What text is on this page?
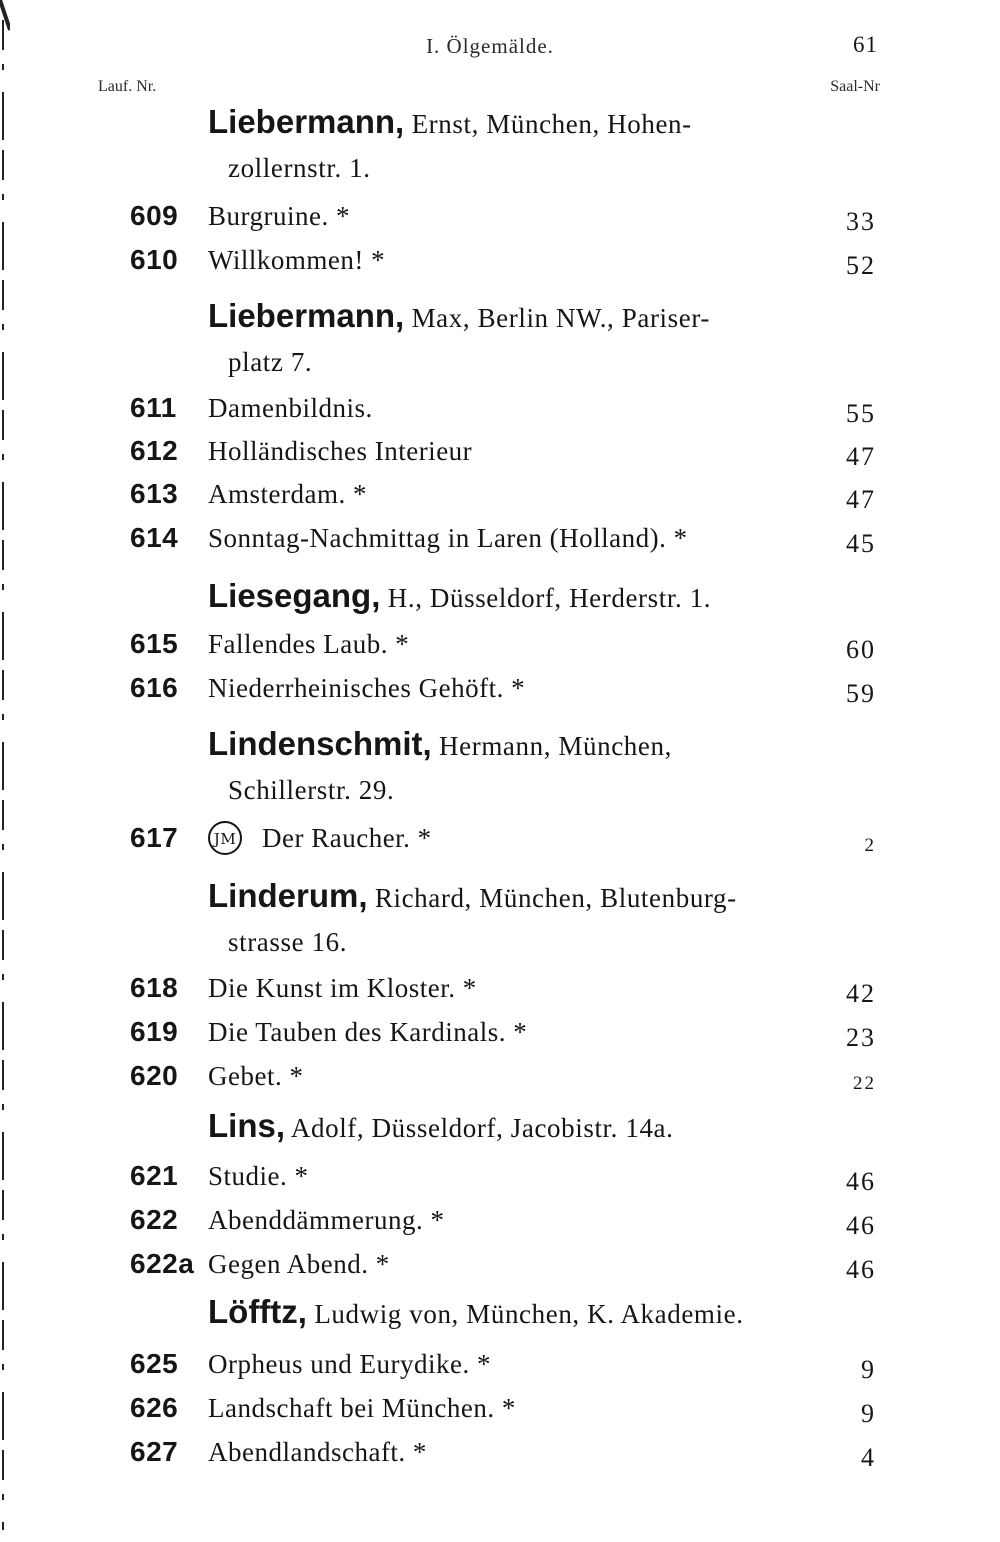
I. Ölgemälde.	61
Lauf. Nr.	Saal-Nr
Liebermann, Ernst, München, Hohen-
zollernstr. 1.
609 Burgruine. *	33
610 Willkommen! *	52
Liebermann, Max, Berlin NW., Pariser-
platz 7.
611 Damenbildnis.	55
612 Holländisches Interieur	47
613 Amsterdam. *	47
614 Sonntag-Nachmittag in Laren (Holland). *	45
Liesegang, H., Düsseldorf, Herderstr. 1.
615 Fallendes Laub. *	60
616 Niederrheinisches Gehöft. *	59
Lindenschmit, Hermann, München,
Schillerstr. 29.
617 JM Der Raucher. *	2
Linderum, Richard, München, Blutenburg-
strasse 16.
618 Die Kunst im Kloster. *	42
619 Die Tauben des Kardinals. *	23
620 Gebet. *	22
Lins, Adolf, Düsseldorf, Jacobistr. 14a.
621 Studie. *	46
622 Abenddämmerung. *	46
622a Gegen Abend. *	46
Löfftz, Ludwig von, München, K. Akademie.
625 Orpheus und Eurydike. *	9
626 Landschaft bei München. *	9
627 Abendlandschaft. *	4
